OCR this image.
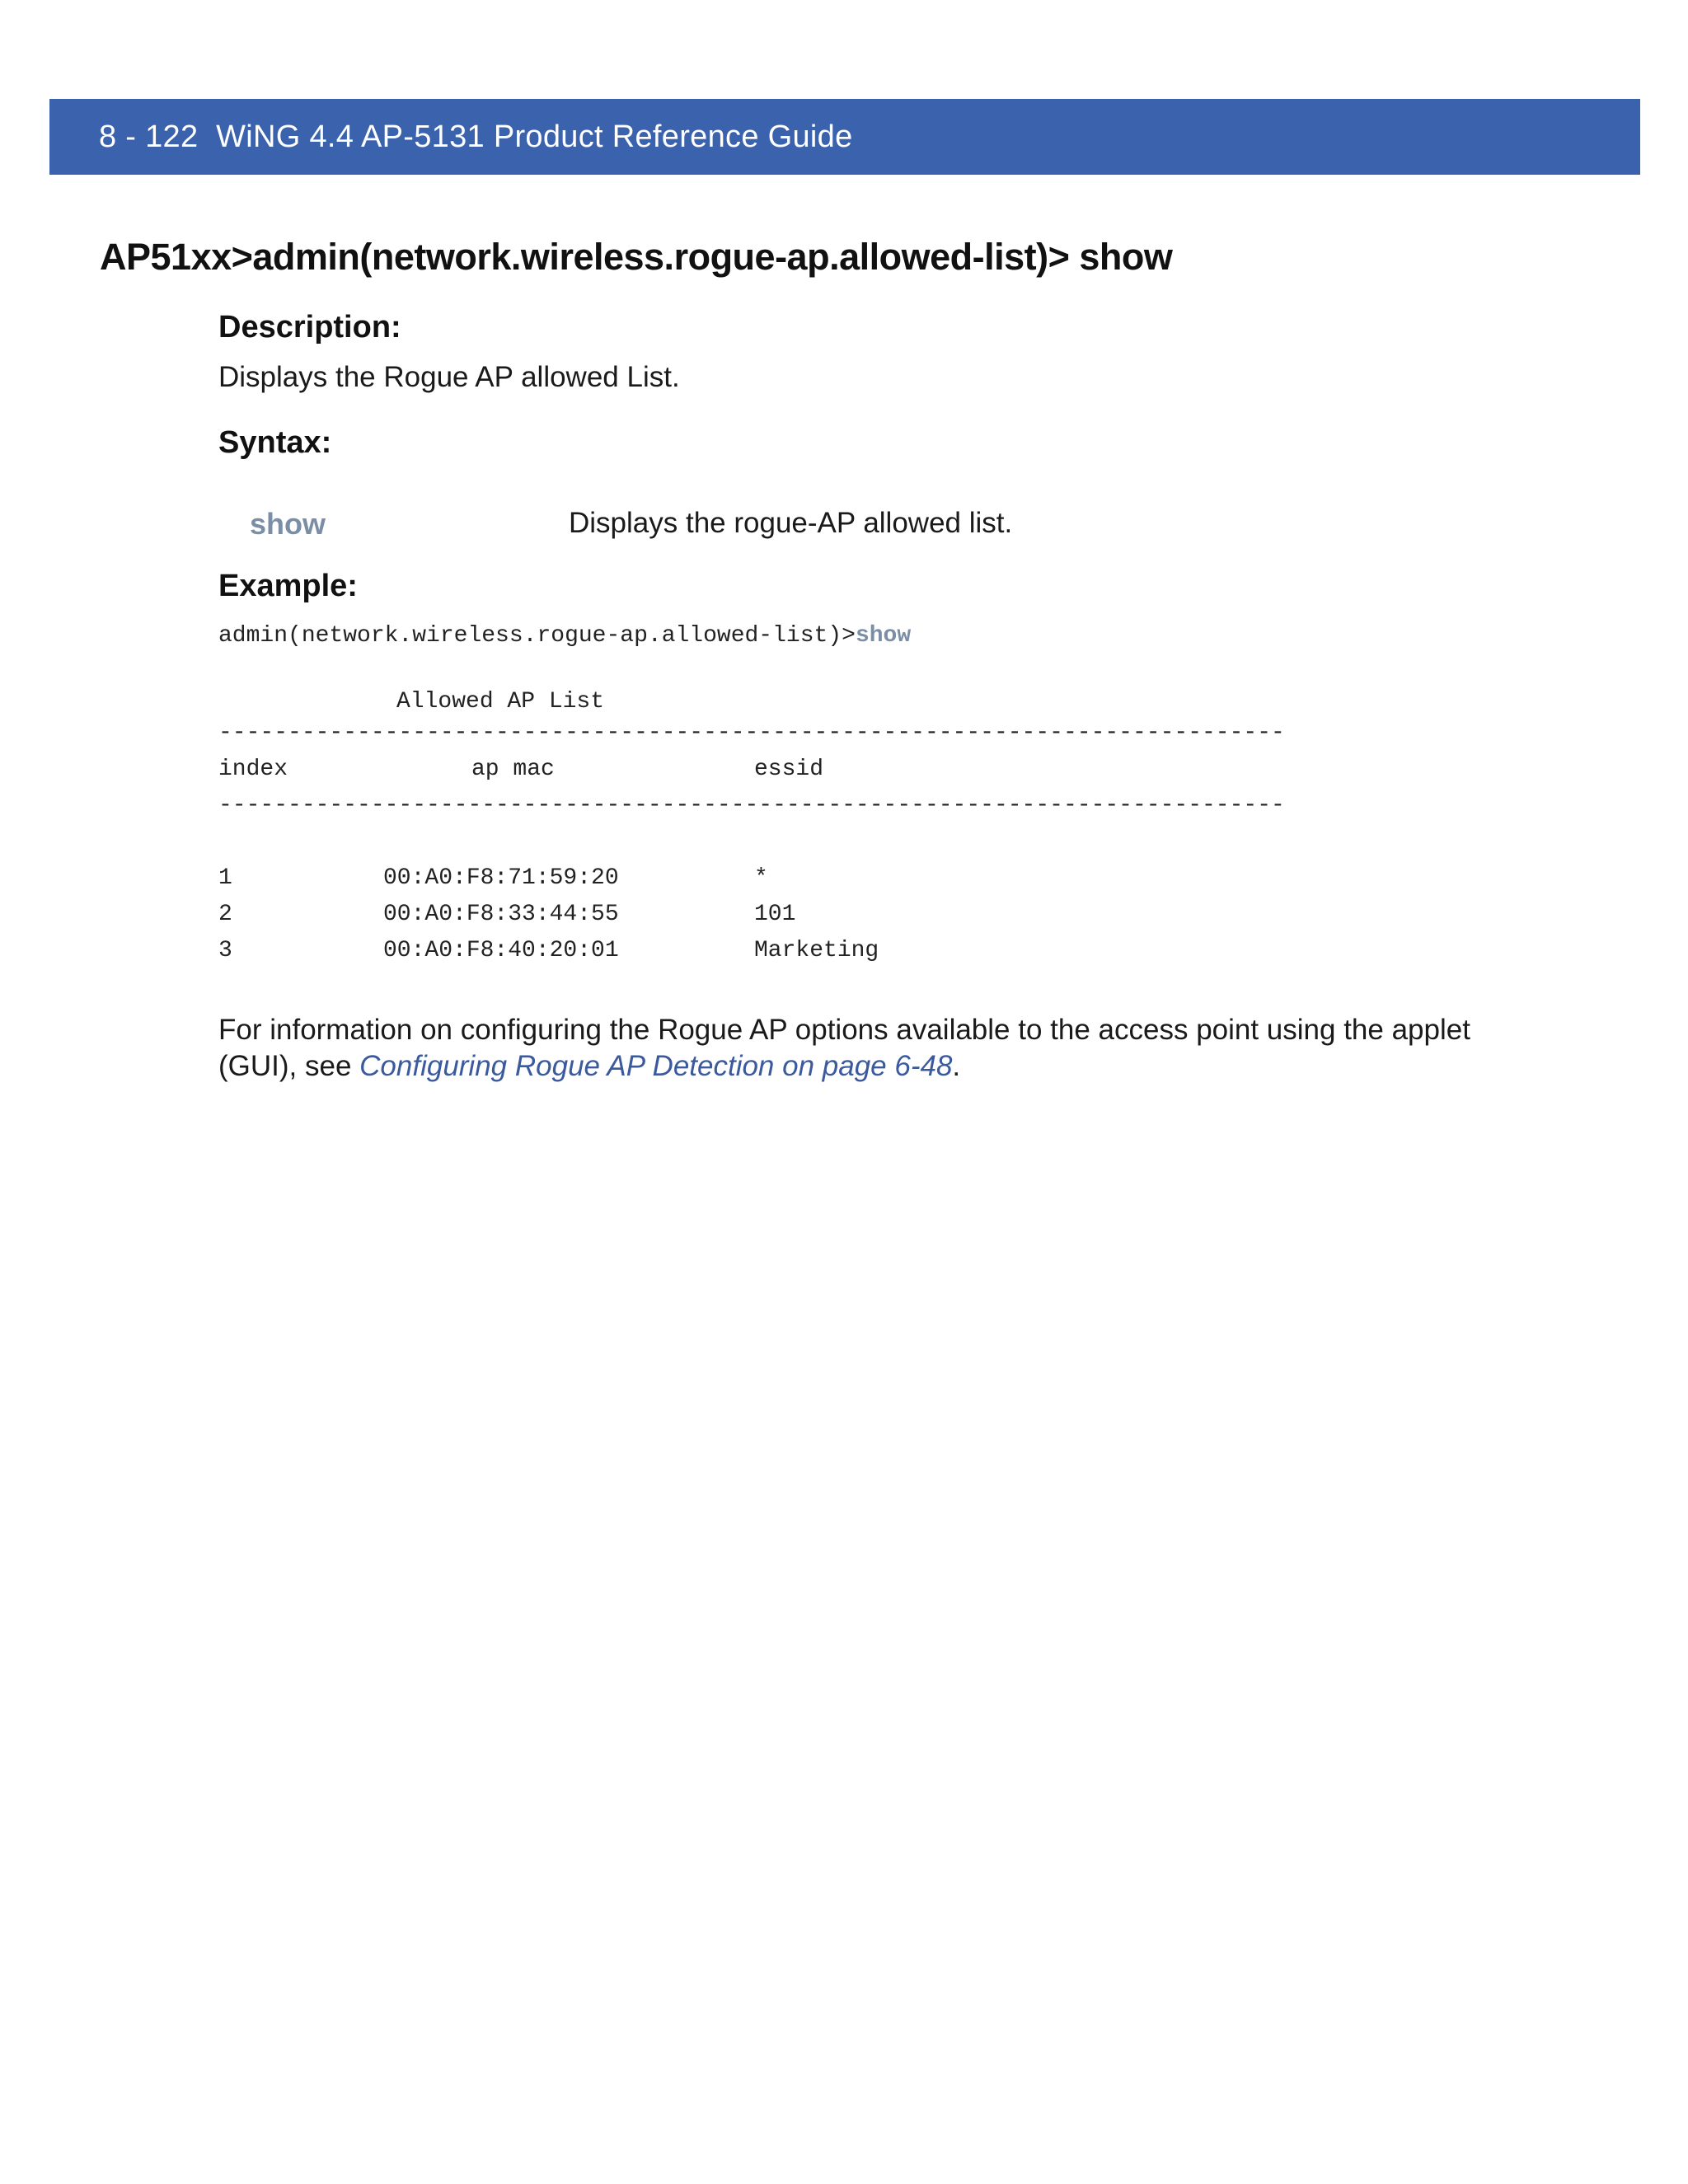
8 - 122 WiNG 4.4 AP-5131 Product Reference Guide
AP51xx>admin(network.wireless.rogue-ap.allowed-list)> show
Description:
Displays the Rogue AP allowed List.
Syntax:
show	Displays the rogue-AP allowed list.
Example:
admin(network.wireless.rogue-ap.allowed-list)>show
Allowed AP List
-----------------------------------------------------------------------------
index	ap mac	essid
-----------------------------------------------------------------------------
1	00:A0:F8:71:59:20	*
2	00:A0:F8:33:44:55	101
3	00:A0:F8:40:20:01	Marketing
For information on configuring the Rogue AP options available to the access point using the applet (GUI), see Configuring Rogue AP Detection on page 6-48.
